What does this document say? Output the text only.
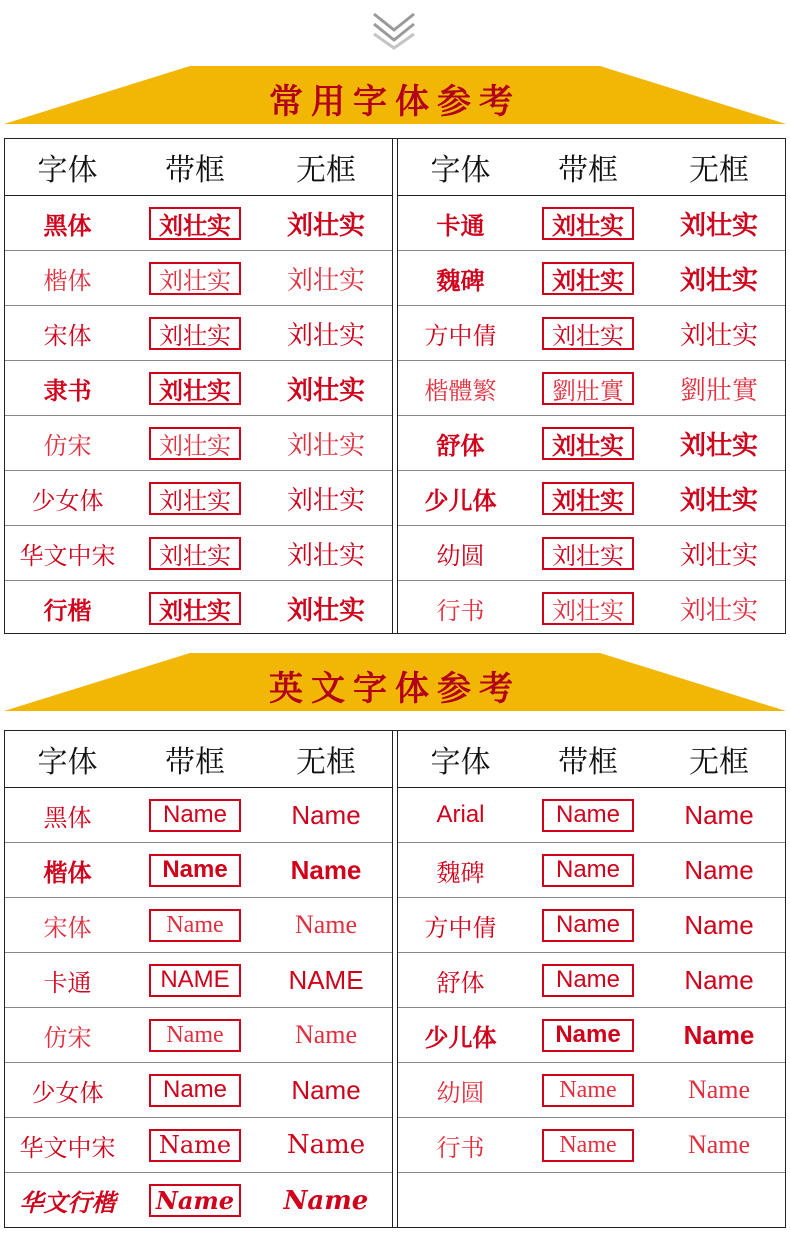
常用字体参考
字体	带框	无框
黑体	刘壮实	刘壮实
楷体	刘壮实	刘壮实
宋体	刘壮实	刘壮实
隶书	刘壮实	刘壮实
仿宋	刘壮实	刘壮实
少女体	刘壮实	刘壮实
华文中宋	刘壮实	刘壮实
行楷	刘壮实	刘壮实
字体	带框	无框
卡通	刘壮实	刘壮实
魏碑	刘壮实	刘壮实
方中倩	刘壮实	刘壮实
楷體繁	劉壯實	劉壯實
舒体	刘壮实	刘壮实
少儿体	刘壮实	刘壮实
幼圆	刘壮实	刘壮实
行书	刘壮实	刘壮实
英文字体参考
字体	带框	无框
黑体	Name	Name
楷体	Name	Name
宋体	Name	Name
卡通	NAME	NAME
仿宋	Name	Name
少女体	Name	Name
华文中宋	Name	Name
华文行楷 Name Name
字体	带框	无框
Arial	Name	Name
魏碑	Name	Name
方中倩	Name	Name
舒体	Name	Name
少儿体	Name	Name
幼圆	Name	Name
行书	Name	Name
